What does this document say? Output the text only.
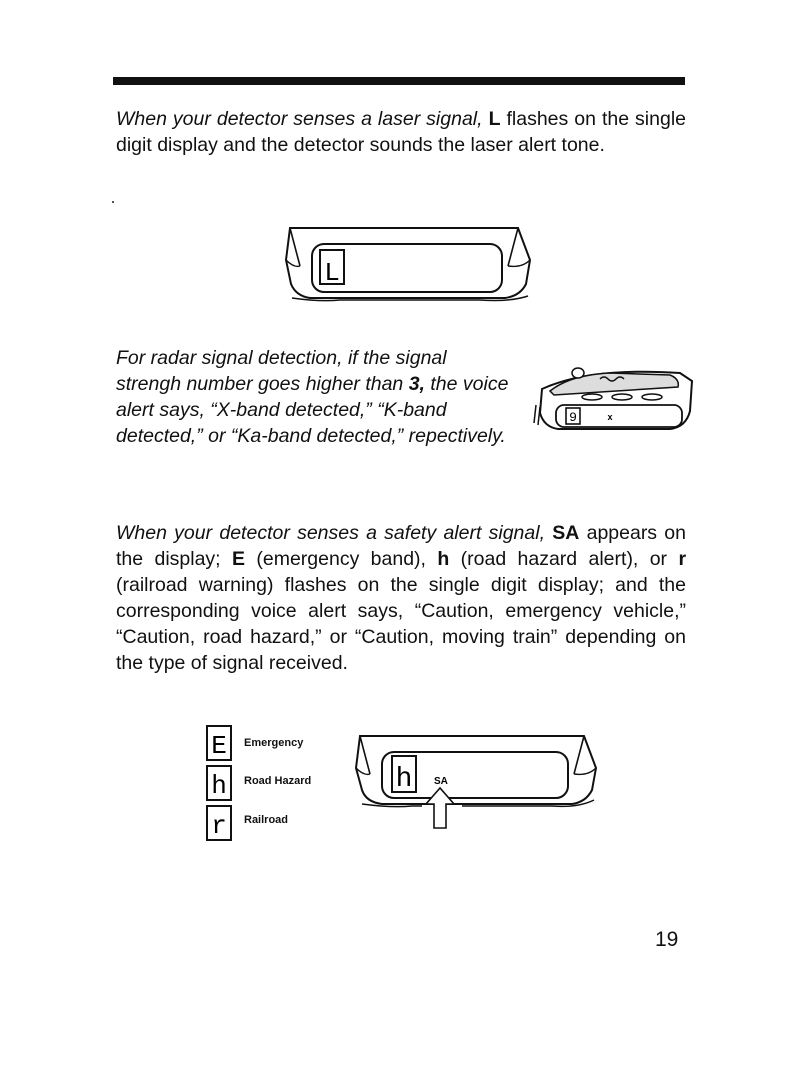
When your detector senses a laser signal, L flashes on the single digit display and the detector sounds the laser alert tone.

L

For radar signal detection, if the signal strengh number goes higher than 3, the voice alert says, “X-band detected,” “K-band detected,” or “Ka-band detected,” repectively.

9	x

When your detector senses a safety alert signal, SA appears on the display; E (emergency band), h (road hazard alert), or r (railroad warning) flashes on the single digit display; and the corresponding voice alert says, “Caution, emergency vehicle,” “Caution, road hazard,” or “Caution, moving train” depending on the type of signal received.

E
h
r
Emergency
Road Hazard
Railroad
h SA
19
